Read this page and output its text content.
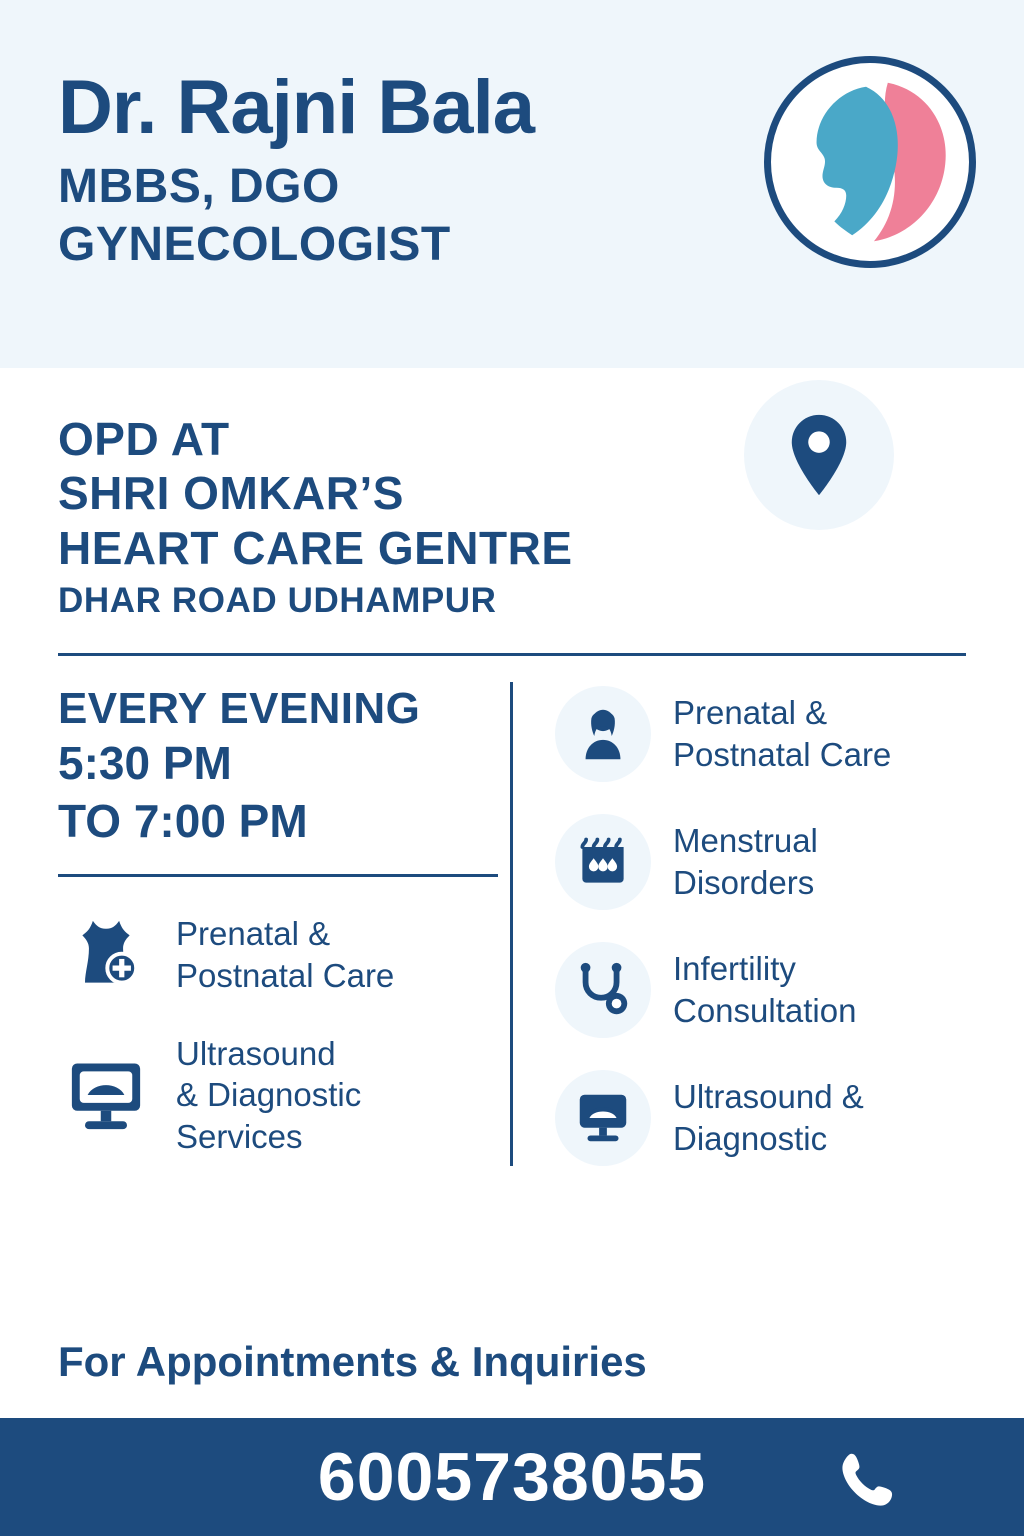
Dr. Rajni Bala
MBBS, DGO
GYNECOLOGIST
OPD AT
SHRI OMKAR’S
HEART CARE GENTRE
DHAR ROAD UDHAMPUR
EVERY EVENING
5:30 PM
TO 7:00 PM
Prenatal &
Postnatal Care
Ultrasound
& Diagnostic
Services
Prenatal &
Postnatal Care
Menstrual
Disorders
Infertility
Consultation
Ultrasound &
Diagnostic
For Appointments & Inquiries
6005738055
